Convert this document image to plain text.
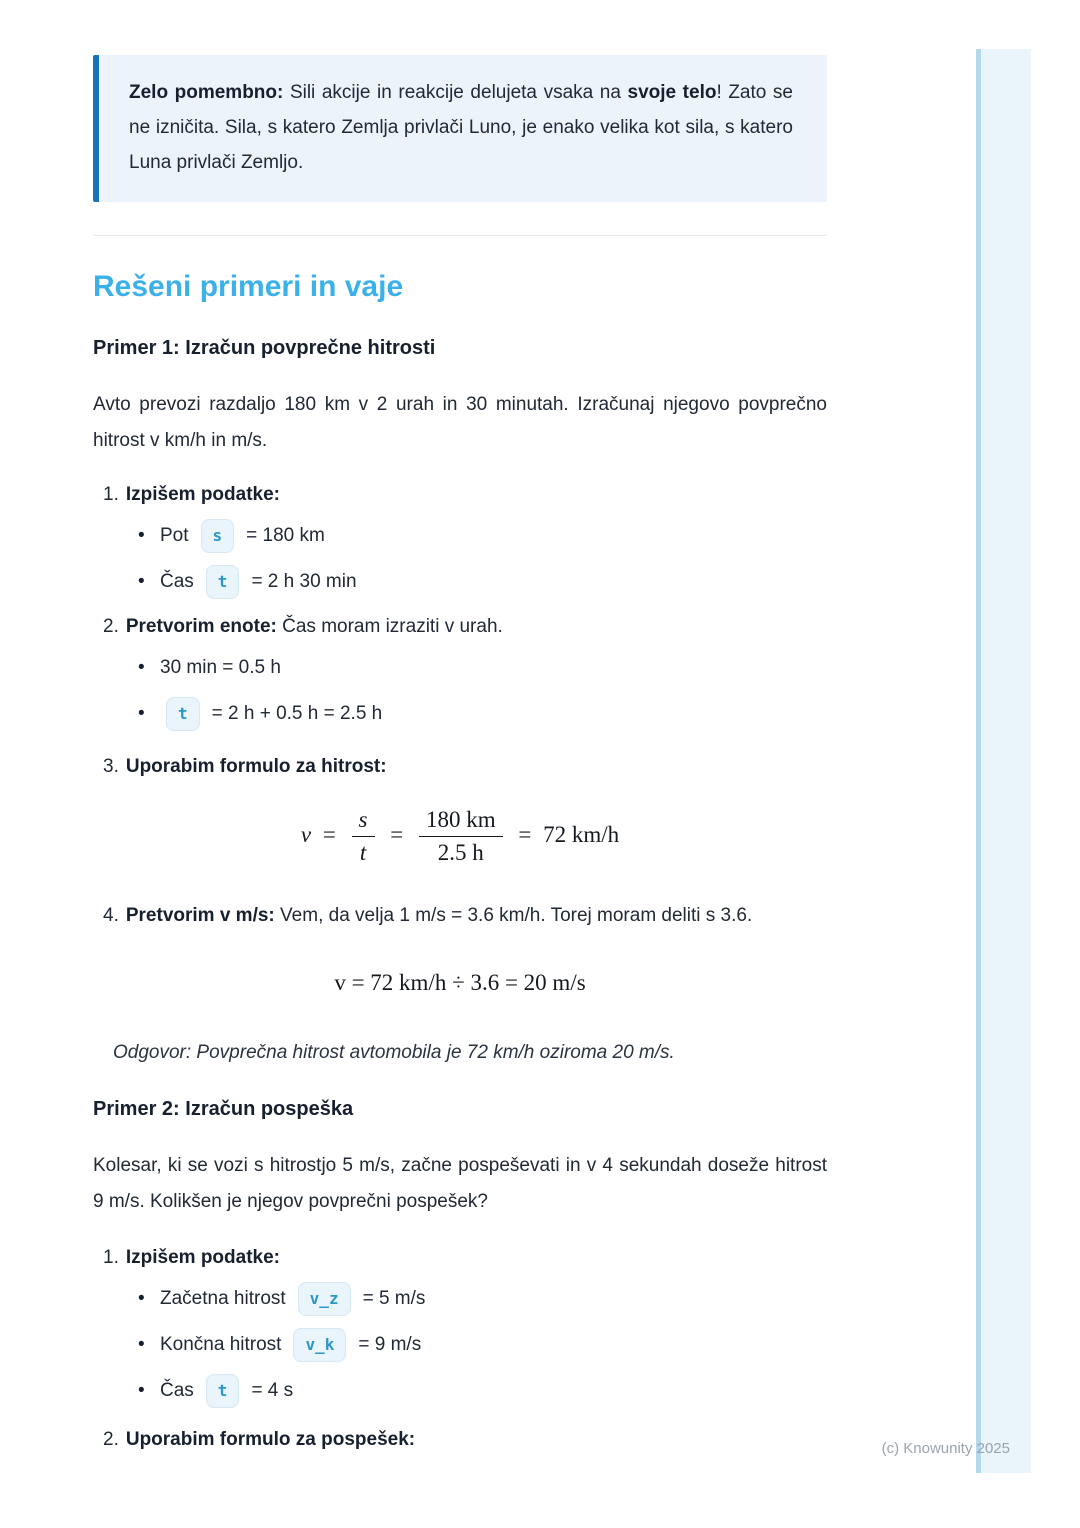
Zelo pomembno: Sili akcije in reakcije delujeta vsaka na svoje telo! Zato se ne izničita. Sila, s katero Zemlja privlači Luno, je enako velika kot sila, s katero Luna privlači Zemljo.
Rešeni primeri in vaje
Primer 1: Izračun povprečne hitrosti

Avto prevozi razdaljo 180 km v 2 urah in 30 minutah. Izračunaj njegovo povprečno hitrost v km/h in m/s.

1. Izpišem podatke:
• Pot	s	= 180 km
• Čas	t	= 2 h 30 min
2. Pretvorim enote: Čas moram izraziti v urah.
• 30 min = 0.5 h
•	t	= 2 h + 0.5 h = 2.5 h
3. Uporabim formulo za hitrost:
$v = \frac{s}{t} = \frac{180 km}{2.5 h} = 72$ km/h
4. Pretvorim v m/s: Vem, da velja 1 m/s = 3.6 km/h. Torej moram deliti s 3.6.
v = 72 km/h ÷ 3.6 = 20 m/s
Odgovor: Povprečna hitrost avtomobila je 72 km/h oziroma 20 m/s.
Primer 2: Izračun pospeška

Kolesar, ki se vozi s hitrostjo 5 m/s, začne pospeševati in v 4 sekundah doseže hitrost 9 m/s. Kolikšen je njegov povprečni pospešek?

1. Izpišem podatke:
• Začetna hitrost	v_z	= 5 m/s
• Končna hitrost	v_k	= 9 m/s
• Čas	t	= 4 s
2. Uporabim formulo za pospešek:	(c) Knowunity 2025
